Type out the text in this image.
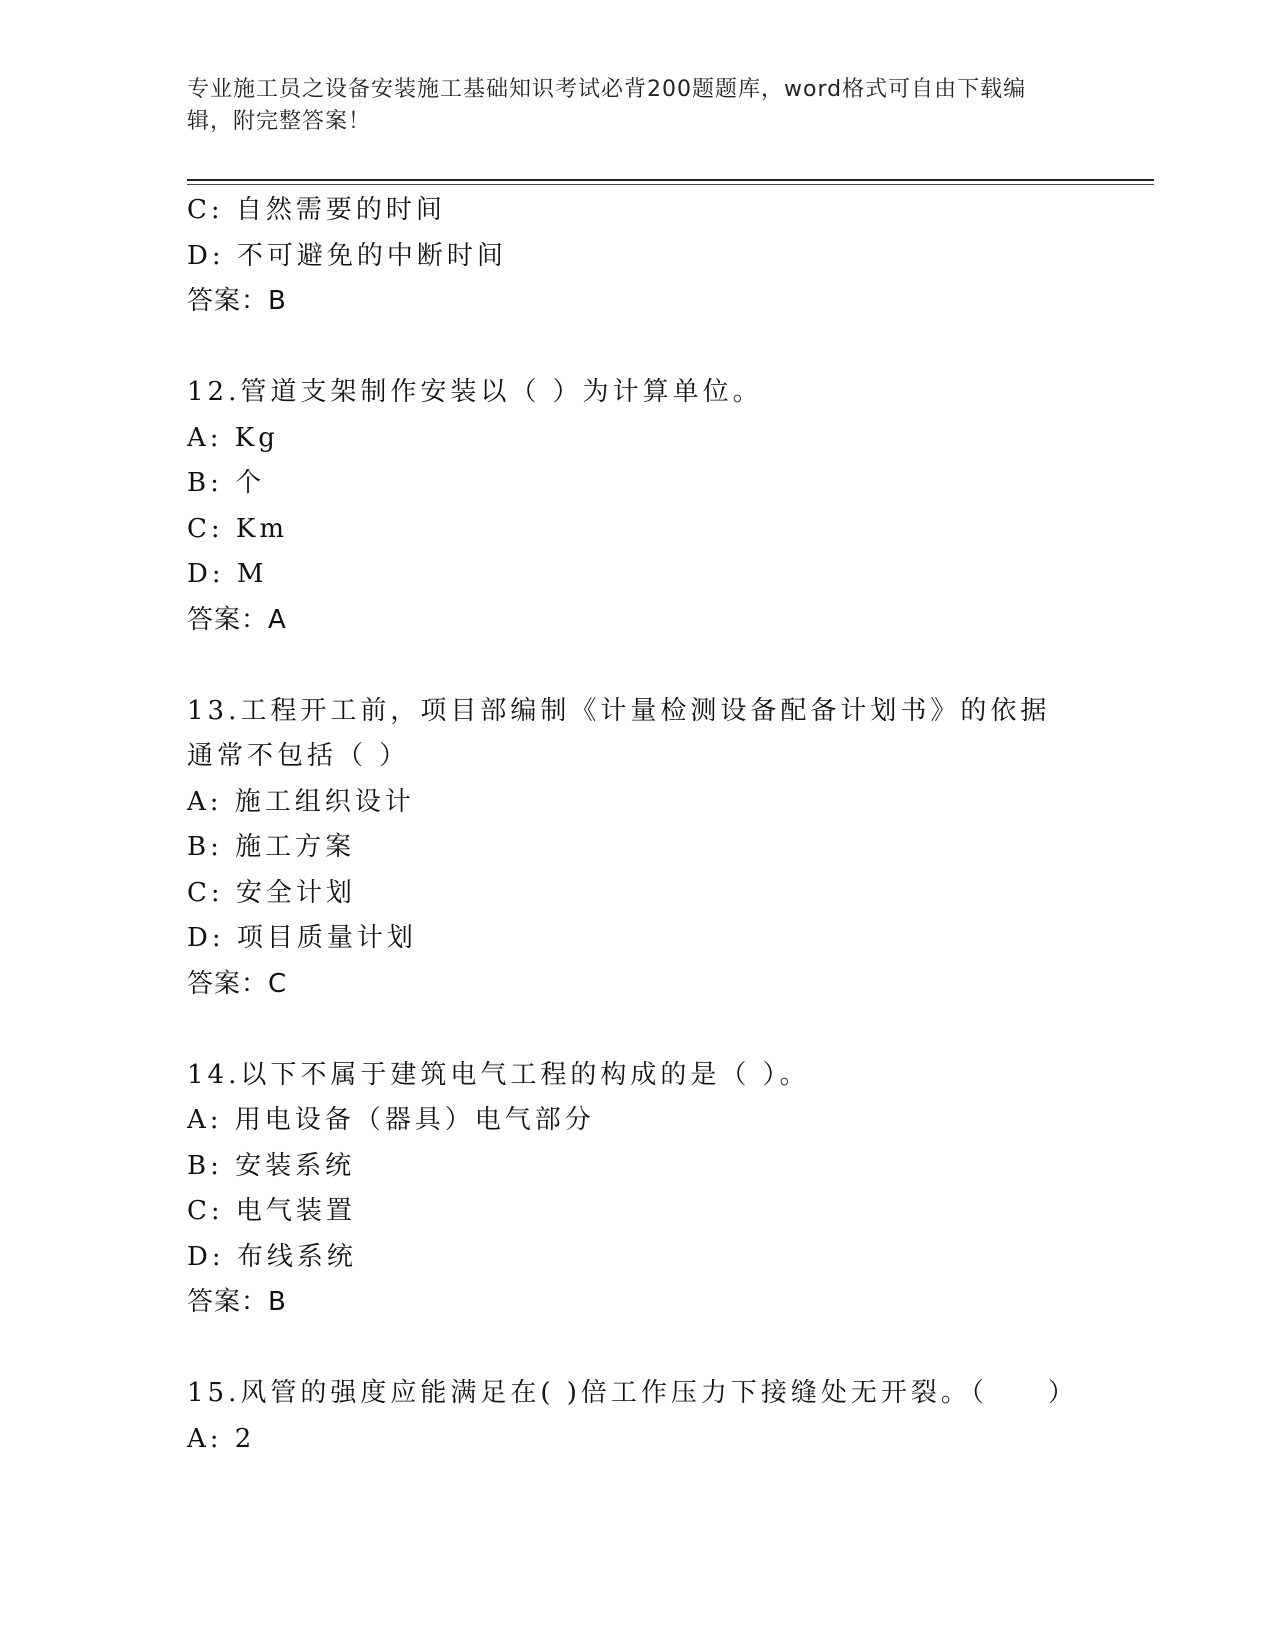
专业施工员之设备安装施工基础知识考试必背200题题库，word格式可自由下载编辑，附完整答案！
C: 自然需要的时间
D: 不可避免的中断时间
答案：B
12.管道支架制作安装以（ ）为计算单位。
A: Kg
B: 个
C: Km
D: M
答案：A
13.工程开工前，项目部编制《计量检测设备配备计划书》的依据通常不包括（ ）
A: 施工组织设计
B: 施工方案
C: 安全计划
D: 项目质量计划
答案：C
14.以下不属于建筑电气工程的构成的是（ ）。
A: 用电设备（器具）电气部分
B: 安装系统
C: 电气装置
D: 布线系统
答案：B
15.风管的强度应能满足在( )倍工作压力下接缝处无开裂。（　　）
A: 2
